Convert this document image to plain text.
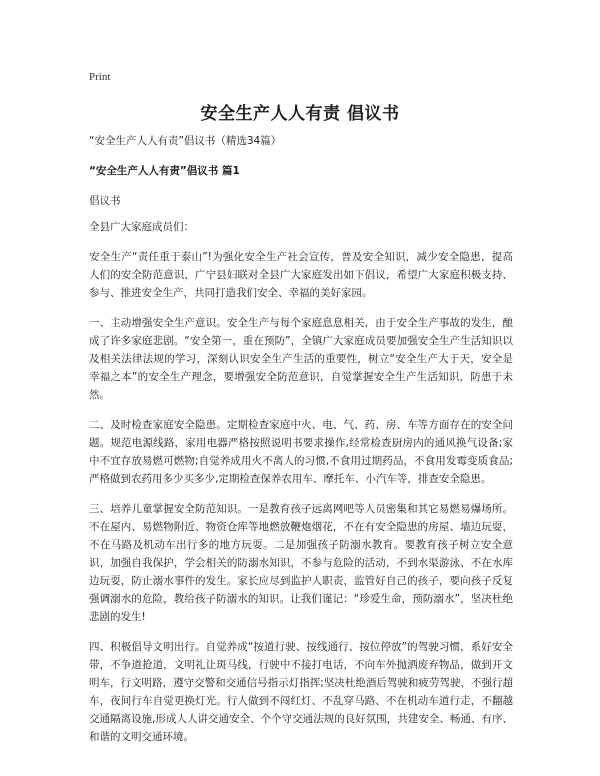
Print
安全生产人人有责 倡议书

“安全生产人人有责”倡议书（精选34篇）

“安全生产人人有责”倡议书 篇1

倡议书

全县广大家庭成员们：

安全生产“责任重于泰山”!为强化安全生产社会宣传，普及安全知识，减少安全隐患，提高人们的安全防范意识，广宁县妇联对全县广大家庭发出如下倡议，希望广大家庭积极支持、参与、推进安全生产，共同打造我们安全、幸福的美好家园。

一、主动增强安全生产意识。安全生产与每个家庭息息相关，由于安全生产事故的发生，酿成了许多家庭悲剧。“安全第一，重在预防”，全镇广大家庭成员要加强安全生产生活知识以及相关法律法规的学习，深刻认识安全生产生活的重要性，树立“安全生产大于天，安全是幸福之本”的安全生产理念，要增强安全防范意识，自觉掌握安全生产生活知识，防患于未然。

二、及时检查家庭安全隐患。定期检查家庭中火、电、气、药、房、车等方面存在的安全问题。规范电源线路，家用电器严格按照说明书要求操作,经常检查厨房内的通风换气设备;家中不宜存放易燃可燃物;自觉养成用火不离人的习惯,不食用过期药品，不食用发霉变质食品;严格做到农药用多少买多少,定期检查保养农用车、摩托车、小汽车等，排查安全隐患。

三、培养儿童掌握安全防范知识。一是教育孩子远离网吧等人员密集和其它易燃易爆场所。不在屋内、易燃物附近、物资仓库等地燃放鞭炮烟花，不在有安全隐患的房屋、墙边玩耍，不在马路及机动车出行多的地方玩耍。二是加强孩子防溺水教育。要教育孩子树立安全意识，加强自我保护，学会相关的防溺水知识，不参与危险的活动，不到水渠游泳、不在水库边玩耍，防止溺水事件的发生。家长应尽到监护人职责，监管好自己的孩子，要向孩子反复强调溺水的危险，教给孩子防溺水的知识。让我们谨记：“珍爱生命，预防溺水”，坚决杜绝悲剧的发生!

四、积极倡导文明出行。自觉养成“按道行驶、按线通行、按位停放”的驾驶习惯，系好安全带，不争道抢道，文明礼让斑马线，行驶中不接打电话，不向车外抛洒废弃物品，做到开文明车，行文明路，遵守交警和交通信号指示灯指挥;坚决杜绝酒后驾驶和疲劳驾驶，不强行超车，夜间行车自觉更换灯光。行人做到不闯红灯、不乱穿马路、不在机动车道行走，不翻越交通隔离设施,形成人人讲交通安全、个个守交通法规的良好氛围，共建安全、畅通、有序、和谐的文明交通环境。
